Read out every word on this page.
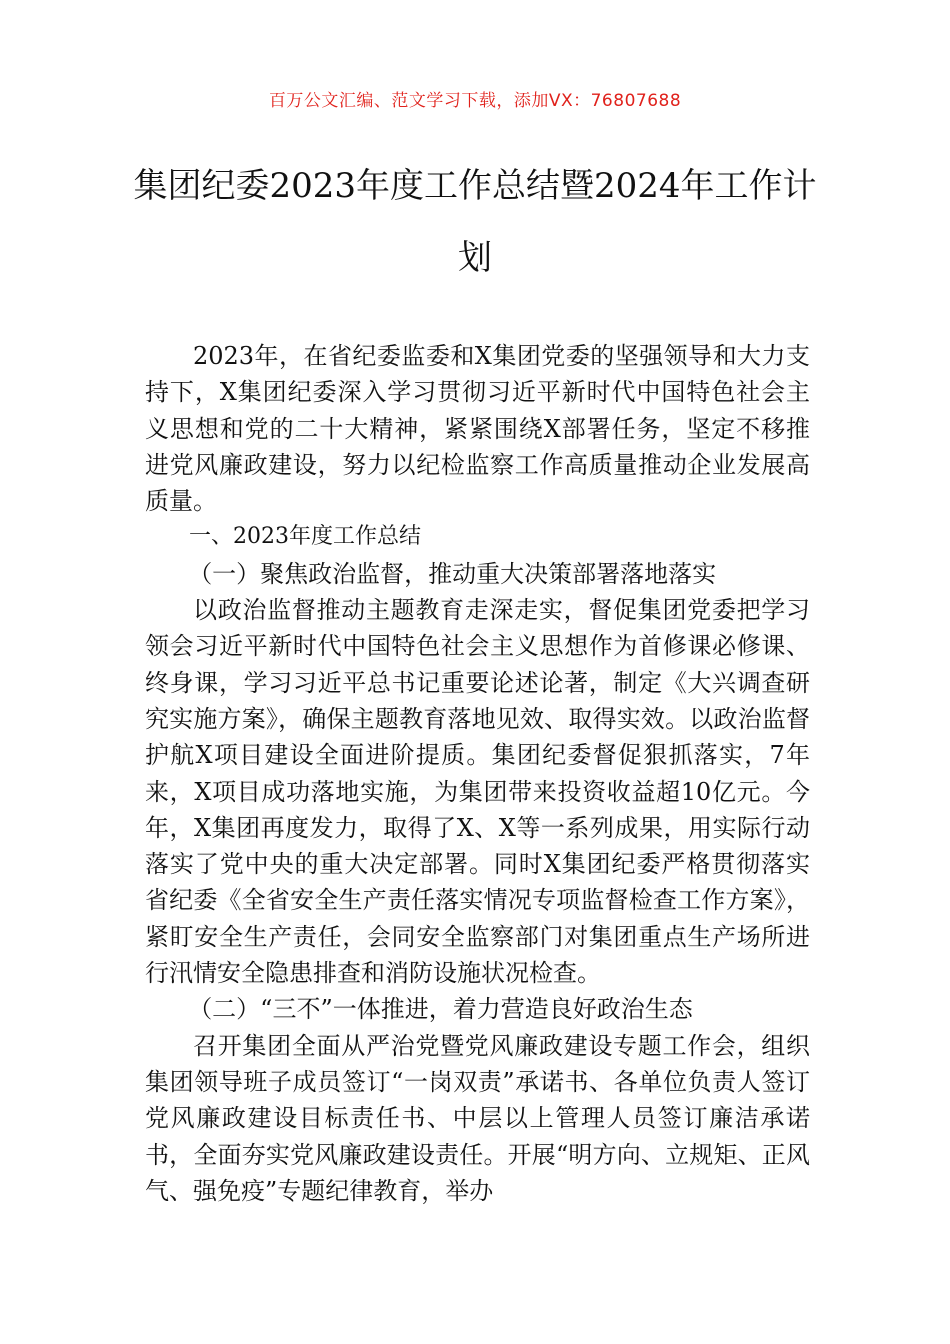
百万公文汇编、范文学习下载，添加VX：76807688
集团纪委2023年度工作总结暨2024年工作计划

2023年，在省纪委监委和X集团党委的坚强领导和大力支持下，X集团纪委深入学习贯彻习近平新时代中国特色社会主义思想和党的二十大精神，紧紧围绕X部署任务，坚定不移推进党风廉政建设，努力以纪检监察工作高质量推动企业发展高质量。

一、2023年度工作总结
（一）聚焦政治监督，推动重大决策部署落地落实

以政治监督推动主题教育走深走实，督促集团党委把学习领会习近平新时代中国特色社会主义思想作为首修课必修课、终身课，学习习近平总书记重要论述论著，制定《大兴调查研究实施方案》，确保主题教育落地见效、取得实效。以政治监督护航X项目建设全面进阶提质。集团纪委督促狠抓落实，7年来，X项目成功落地实施，为集团带来投资收益超10亿元。今年，X集团再度发力，取得了X、X等一系列成果，用实际行动落实了党中央的重大决定部署。同时X集团纪委严格贯彻落实省纪委《全省安全生产责任落实情况专项监督检查工作方案》，紧盯安全生产责任，会同安全监察部门对集团重点生产场所进行汛情安全隐患排查和消防设施状况检查。

（二）“三不”一体推进，着力营造良好政治生态

召开集团全面从严治党暨党风廉政建设专题工作会，组织集团领导班子成员签订“一岗双责”承诺书、各单位负责人签订党风廉政建设目标责任书、中层以上管理人员签订廉洁承诺书，全面夯实党风廉政建设责任。开展“明方向、立规矩、正风气、强免疫”专题纪律教育，举办
